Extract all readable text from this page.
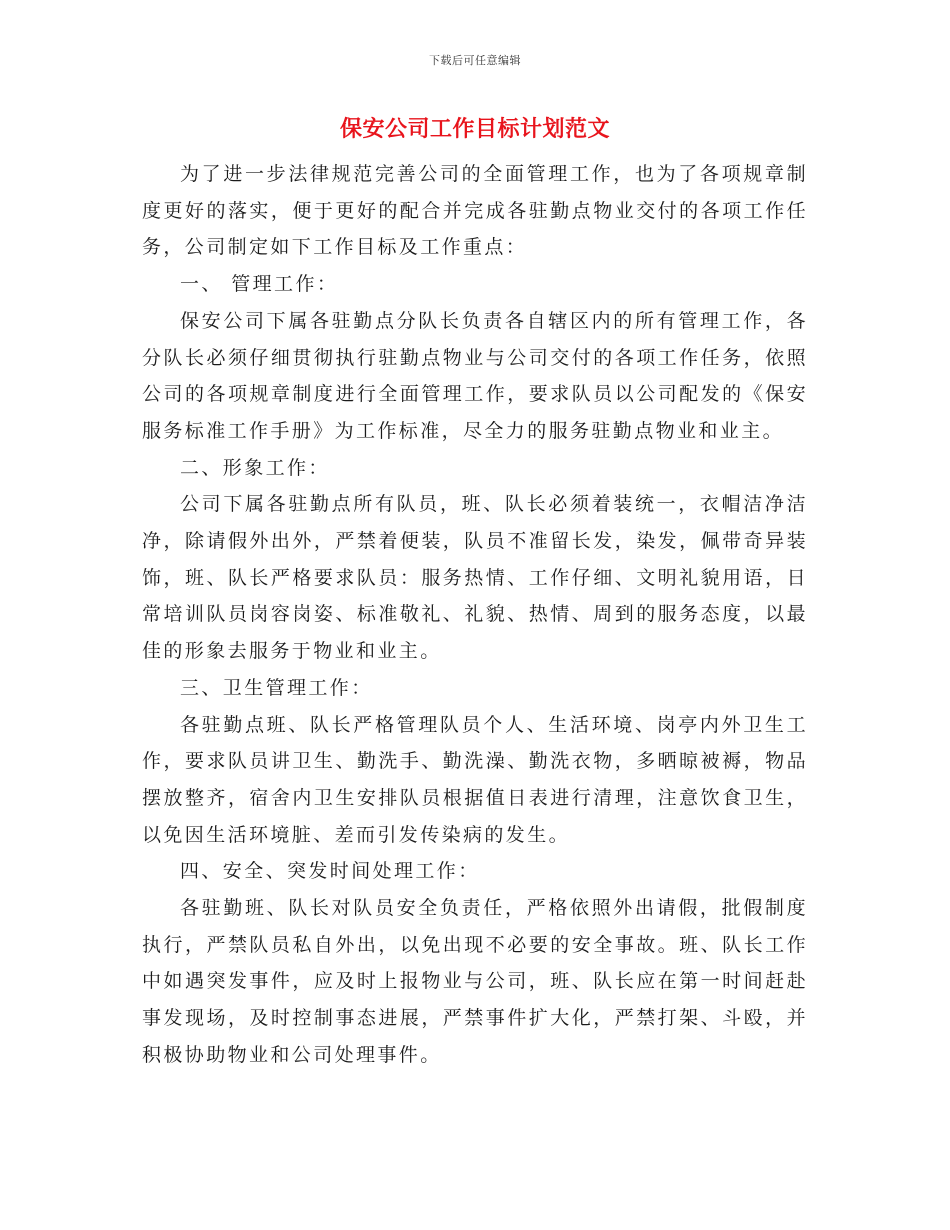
下载后可任意编辑
保安公司工作目标计划范文

为了进一步法律规范完善公司的全面管理工作，也为了各项规章制度更好的落实，便于更好的配合并完成各驻勤点物业交付的各项工作任务，公司制定如下工作目标及工作重点：

一、 管理工作：

保安公司下属各驻勤点分队长负责各自辖区内的所有管理工作，各分队长必须仔细贯彻执行驻勤点物业与公司交付的各项工作任务，依照公司的各项规章制度进行全面管理工作，要求队员以公司配发的《保安服务标准工作手册》为工作标准，尽全力的服务驻勤点物业和业主。

二、形象工作：

公司下属各驻勤点所有队员，班、队长必须着装统一，衣帽洁净洁净，除请假外出外，严禁着便装，队员不准留长发，染发，佩带奇异装饰，班、队长严格要求队员：服务热情、工作仔细、文明礼貌用语，日常培训队员岗容岗姿、标准敬礼、礼貌、热情、周到的服务态度，以最佳的形象去服务于物业和业主。

三、卫生管理工作：

各驻勤点班、队长严格管理队员个人、生活环境、岗亭内外卫生工作，要求队员讲卫生、勤洗手、勤洗澡、勤洗衣物，多晒晾被褥，物品摆放整齐，宿舍内卫生安排队员根据值日表进行清理，注意饮食卫生，以免因生活环境脏、差而引发传染病的发生。

四、安全、突发时间处理工作：

各驻勤班、队长对队员安全负责任，严格依照外出请假，批假制度执行，严禁队员私自外出，以免出现不必要的安全事故。班、队长工作中如遇突发事件，应及时上报物业与公司，班、队长应在第一时间赶赴事发现场，及时控制事态进展，严禁事件扩大化，严禁打架、斗殴，并积极协助物业和公司处理事件。
